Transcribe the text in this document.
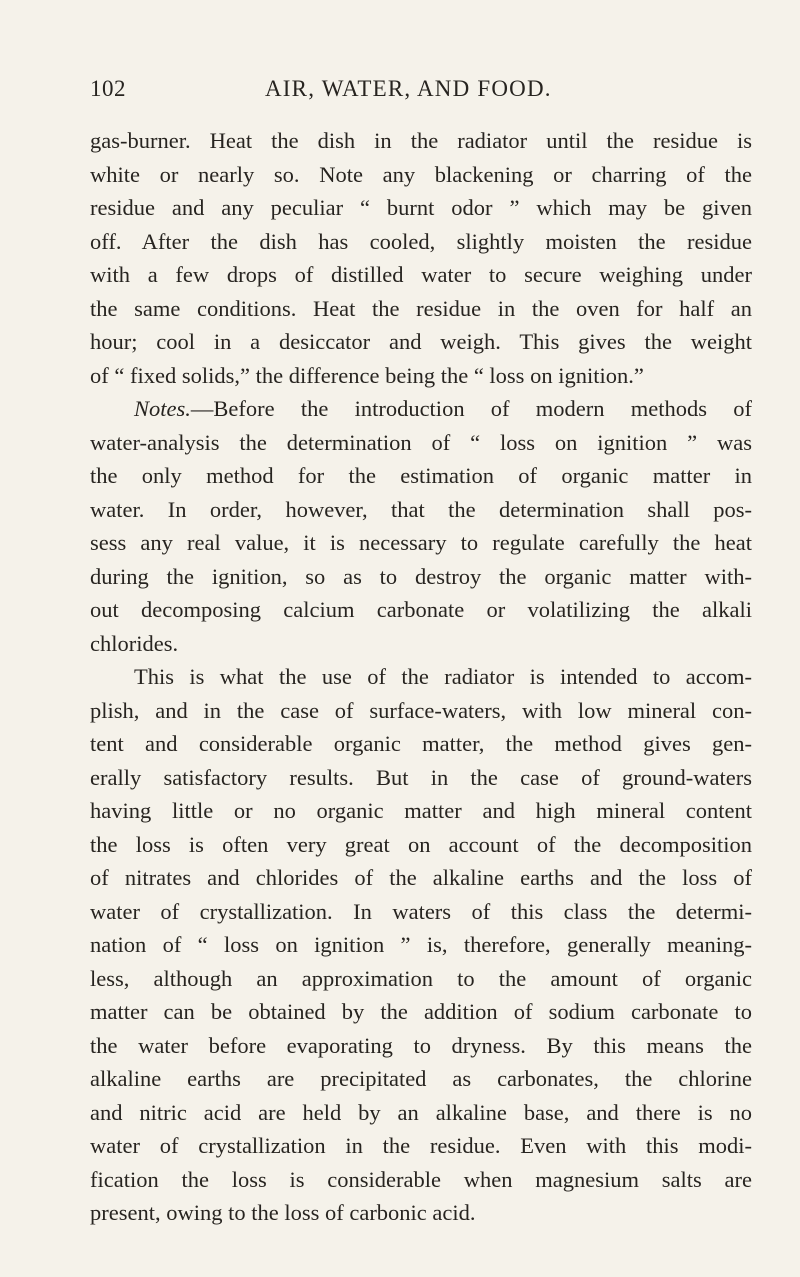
102	AIR, WATER, AND FOOD.
gas-burner. Heat the dish in the radiator until the residue is
white or nearly so. Note any blackening or charring of the
residue and any peculiar “ burnt odor ” which may be given
off. After the dish has cooled, slightly moisten the residue
with a few drops of distilled water to secure weighing under
the same conditions. Heat the residue in the oven for half an
hour; cool in a desiccator and weigh. This gives the weight
of “ fixed solids,” the difference being the “ loss on ignition.”
Notes.—Before the introduction of modern methods of
water-analysis the determination of “ loss on ignition ” was
the only method for the estimation of organic matter in
water. In order, however, that the determination shall pos-
sess any real value, it is necessary to regulate carefully the heat
during the ignition, so as to destroy the organic matter with-
out decomposing calcium carbonate or volatilizing the alkali
chlorides.
This is what the use of the radiator is intended to accom-
plish, and in the case of surface-waters, with low mineral con-
tent and considerable organic matter, the method gives gen-
erally satisfactory results. But in the case of ground-waters
having little or no organic matter and high mineral content
the loss is often very great on account of the decomposition
of nitrates and chlorides of the alkaline earths and the loss of
water of crystallization. In waters of this class the determi-
nation of “ loss on ignition ” is, therefore, generally meaning-
less, although an approximation to the amount of organic
matter can be obtained by the addition of sodium carbonate to
the water before evaporating to dryness. By this means the
alkaline earths are precipitated as carbonates, the chlorine
and nitric acid are held by an alkaline base, and there is no
water of crystallization in the residue. Even with this modi-
fication the loss is considerable when magnesium salts are
present, owing to the loss of carbonic acid.
